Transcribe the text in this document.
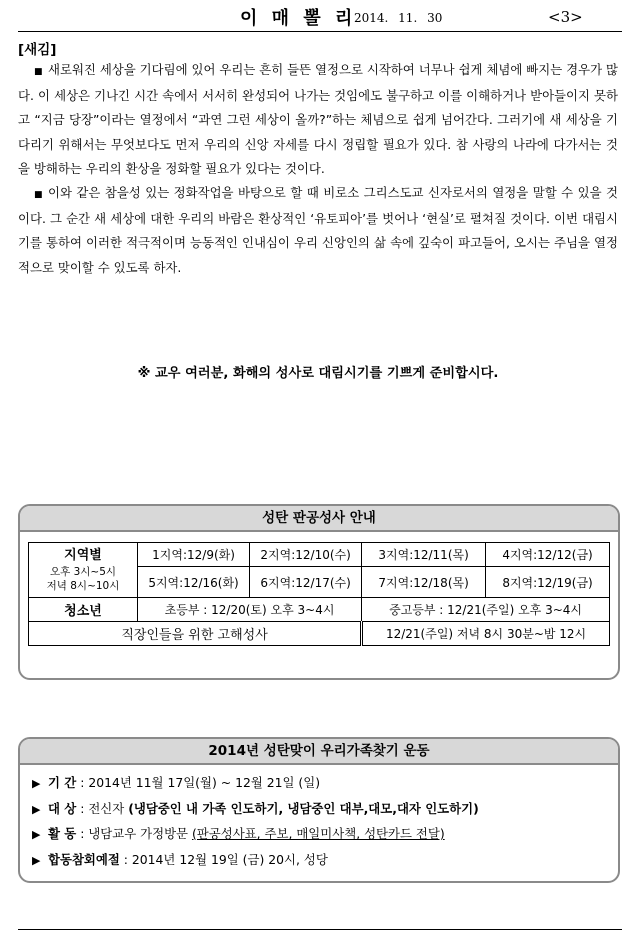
이 매 뽈 리
2014. 11. 30	<3>
[새김]

■ 새로워진 세상을 기다림에 있어 우리는 흔히 들뜬 열정으로 시작하여 너무나 쉽게 체념에 빠지는 경우가 많다. 이 세상은 기나긴 시간 속에서 서서히 완성되어 나가는 것임에도 불구하고 이를 이해하거나 받아들이지 못하고 “지금 당장”이라는 열정에서 “과연 그런 세상이 올까?”하는 체념으로 쉽게 넘어간다. 그러기에 새 세상을 기다리기 위해서는 무엇보다도 먼저 우리의 신앙 자세를 다시 정립할 필요가 있다. 참 사랑의 나라에 다가서는 것을 방해하는 우리의 환상을 정화할 필요가 있다는 것이다.

■ 이와 같은 참을성 있는 정화작업을 바탕으로 할 때 비로소 그리스도교 신자로서의 열정을 말할 수 있을 것이다. 그 순간 새 세상에 대한 우리의 바람은 환상적인 ‘유토피아’를 벗어나 ‘현실’로 펼쳐질 것이다. 이번 대림시기를 통하여 이러한 적극적이며 능동적인 인내심이 우리 신앙인의 삶 속에 깊숙이 파고들어, 오시는 주님을 열정적으로 맞이할 수 있도록 하자.

※ 교우 여러분, 화해의 성사로 대림시기를 기쁘게 준비합시다.
성탄 판공성사 안내
지역별
오후 3시~5시
저녁 8시~10시	1지역:12/9(화)	2지역:12/10(수)	3지역:12/11(목)	4지역:12/12(금)
	5지역:12/16(화)	6지역:12/17(수)	7지역:12/18(목)	8지역:12/19(금)
청소년	초등부 : 12/20(토) 오후 3~4시		중고등부 : 12/21(주일) 오후 3~4시	
직장인들을 위한 고해성사			12/21(주일) 저녁 8시 30분~밤 12시	
2014년 성탄맞이 우리가족찾기 운동
▶ 기 간 : 2014년 11월 17일(월) ~ 12월 21일 (일)
▶ 대 상 : 전신자 (냉담중인 내 가족 인도하기, 냉담중인 대부,대모,대자 인도하기)
▶ 활 동 : 냉담교우 가정방문 (판공성사표, 주보, 매일미사책, 성탄카드 전달)
▶ 합동참회예절 : 2014년 12월 19일 (금) 20시, 성당
